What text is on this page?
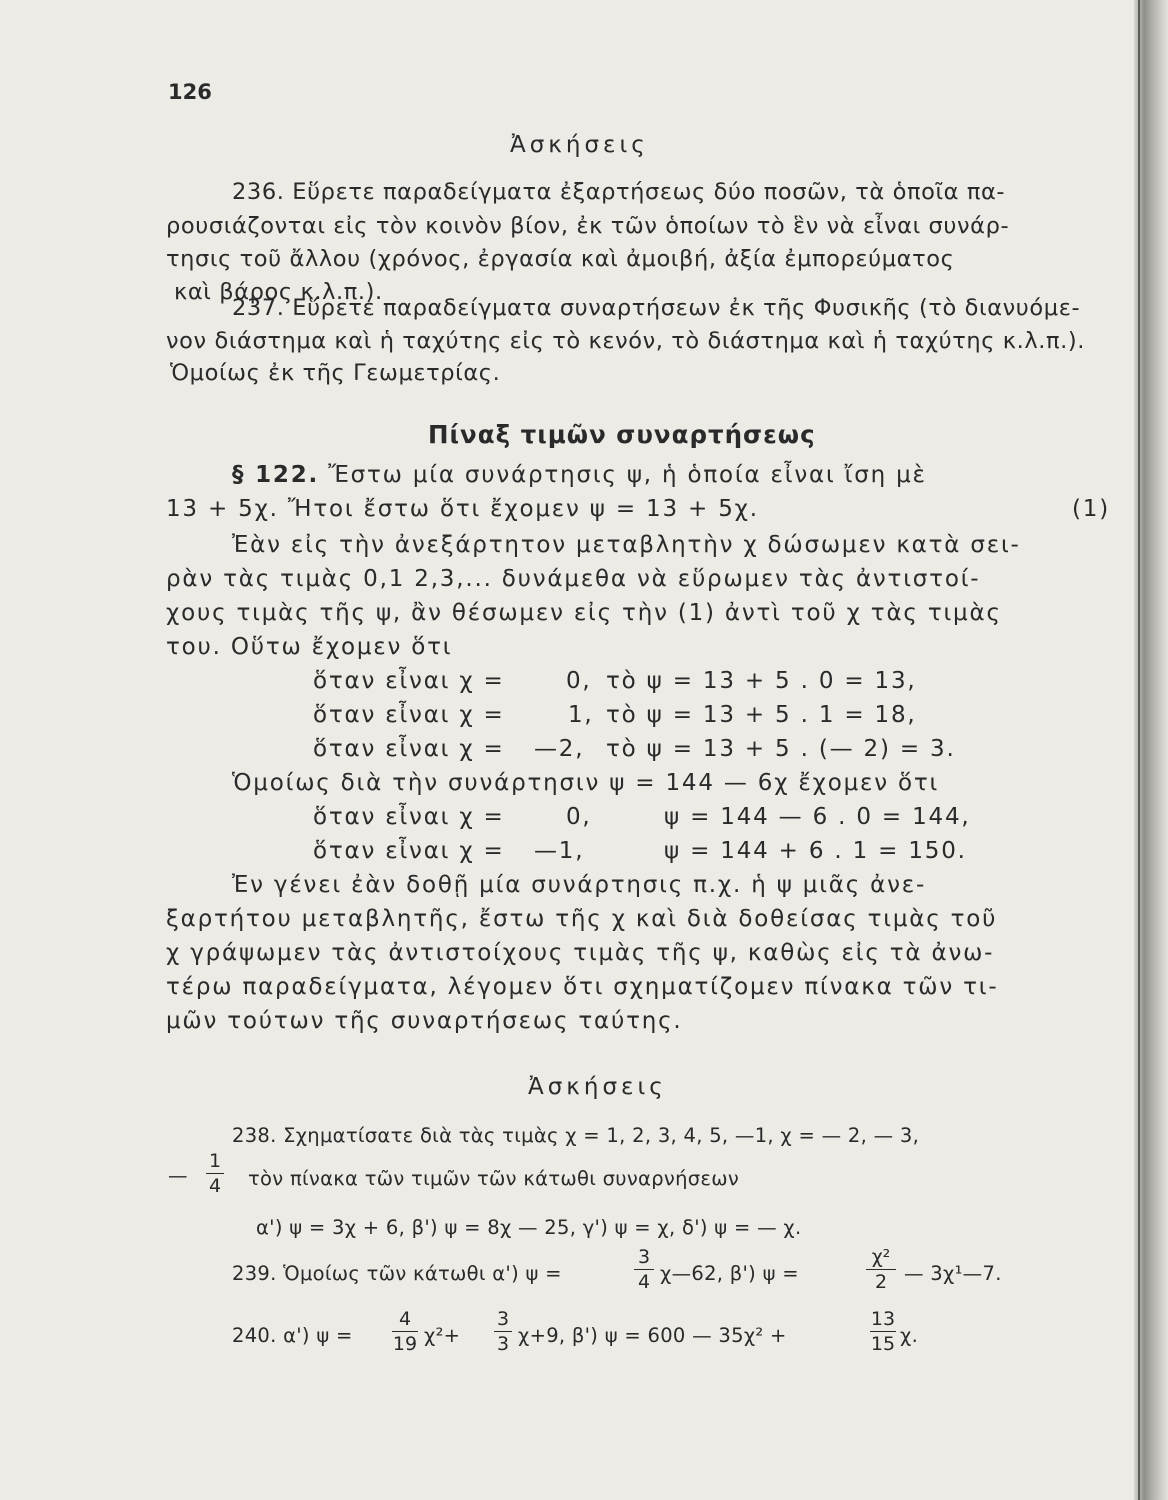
126
Ἀσκήσεις
236. Εὕρετε παραδείγματα ἐξαρτήσεως δύο ποσῶν, τὰ ὁποῖα πα-
ρουσιάζονται εἰς τὸν κοινὸν βίον, ἐκ τῶν ὁποίων τὸ ἓν νὰ εἶναι συνάρ-
τησις τοῦ ἄλλου (χρόνος, ἐργασία καὶ ἀμοιβή, ἀξία ἐμπορεύματος
καὶ βάρος κ.λ.π.).
237. Εὕρετε παραδείγματα συναρτήσεων ἐκ τῆς Φυσικῆς (τὸ διανυόμε-
νον διάστημα καὶ ἡ ταχύτης εἰς τὸ κενόν, τὸ διάστημα καὶ ἡ ταχύτης κ.λ.π.).
Ὁμοίως ἐκ τῆς Γεωμετρίας.
Πίναξ τιμῶν συναρτήσεως
§ 122. Ἔστω μία συνάρτησις ψ, ἡ ὁποία εἶναι ἴση μὲ
13 + 5χ. Ἤτοι ἔστω ὅτι ἔχομεν ψ = 13 + 5χ.	(1)
Ἐὰν εἰς τὴν ἀνεξάρτητον μεταβλητὴν χ δώσωμεν κατὰ σει-
ρὰν τὰς τιμὰς 0,1 2,3,... δυνάμεθα νὰ εὕρωμεν τὰς ἀντιστοί-
χους τιμὰς τῆς ψ, ἂν θέσωμεν εἰς τὴν (1) ἀντὶ τοῦ χ τὰς τιμὰς
του. Οὕτω ἔχομεν ὅτι
ὅταν εἶναι χ =	0, τὸ ψ = 13 + 5 . 0 = 13,
ὅταν εἶναι χ =	1, τὸ ψ = 13 + 5 . 1 = 18,
ὅταν εἶναι χ = —2, τὸ ψ = 13 + 5 . (— 2) = 3.
Ὁμοίως διὰ τὴν συνάρτησιν ψ = 144 — 6χ ἔχομεν ὅτι
ὅταν εἶναι χ =	0,	ψ = 144 — 6 . 0 = 144,
ὅταν εἶναι χ = —1,	ψ = 144 + 6 . 1 = 150.
Ἐν γένει ἐὰν δοθῇ μία συνάρτησις π.χ. ἡ ψ μιᾶς ἀνε-
ξαρτήτου μεταβλητῆς, ἔστω τῆς χ καὶ διὰ δοθείσας τιμὰς τοῦ
χ γράψωμεν τὰς ἀντιστοίχους τιμὰς τῆς ψ, καθὼς εἰς τὰ ἀνω-
τέρω παραδείγματα, λέγομεν ὅτι σχηματίζομεν πίνακα τῶν τι-
μῶν τούτων τῆς συναρτήσεως ταύτης.
Ἀσκήσεις
238. Σχηματίσατε διὰ τὰς τιμὰς χ = 1, 2, 3, 4, 5, —1, χ = — 2, — 3,
—
1
4 τὸν πίνακα τῶν τιμῶν τῶν κάτωθι συναρνήσεων
α') ψ = 3χ + 6, β') ψ = 8χ — 25, γ') ψ = χ, δ') ψ = — χ.
239. Ὁμοίως τῶν κάτωθι α') ψ =
3
4 χ—62, β') ψ =
χ²
2 — 3χ¹—7.
240. α') ψ =
4
19 χ²+
3
3 χ+9, β') ψ = 600 — 35χ² +
13
15 χ.
